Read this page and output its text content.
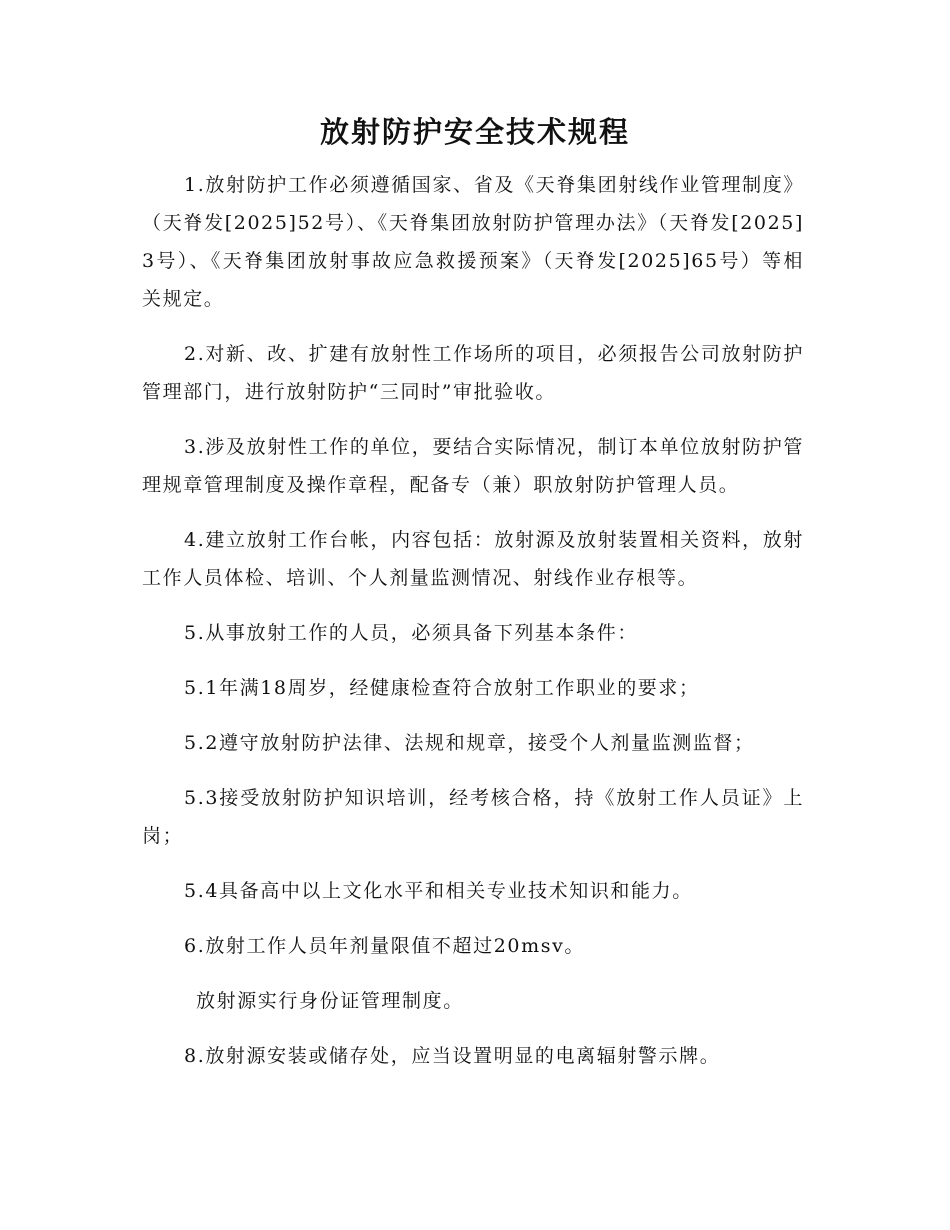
放射防护安全技术规程

1.放射防护工作必须遵循国家、省及《天脊集团射线作业管理制度》（天脊发[2025]52号）、《天脊集团放射防护管理办法》（天脊发[2025]3号）、《天脊集团放射事故应急救援预案》（天脊发[2025]65号）等相关规定。

2.对新、改、扩建有放射性工作场所的项目，必须报告公司放射防护管理部门，进行放射防护“三同时”审批验收。

3.涉及放射性工作的单位，要结合实际情况，制订本单位放射防护管理规章管理制度及操作章程，配备专（兼）职放射防护管理人员。

4.建立放射工作台帐，内容包括：放射源及放射装置相关资料，放射工作人员体检、培训、个人剂量监测情况、射线作业存根等。

5.从事放射工作的人员，必须具备下列基本条件：

5.1年满18周岁，经健康检查符合放射工作职业的要求；

5.2遵守放射防护法律、法规和规章，接受个人剂量监测监督；

5.3接受放射防护知识培训，经考核合格，持《放射工作人员证》上岗；

5.4具备高中以上文化水平和相关专业技术知识和能力。

6.放射工作人员年剂量限值不超过20msv。

放射源实行身份证管理制度。

8.放射源安装或储存处，应当设置明显的电离辐射警示牌。
